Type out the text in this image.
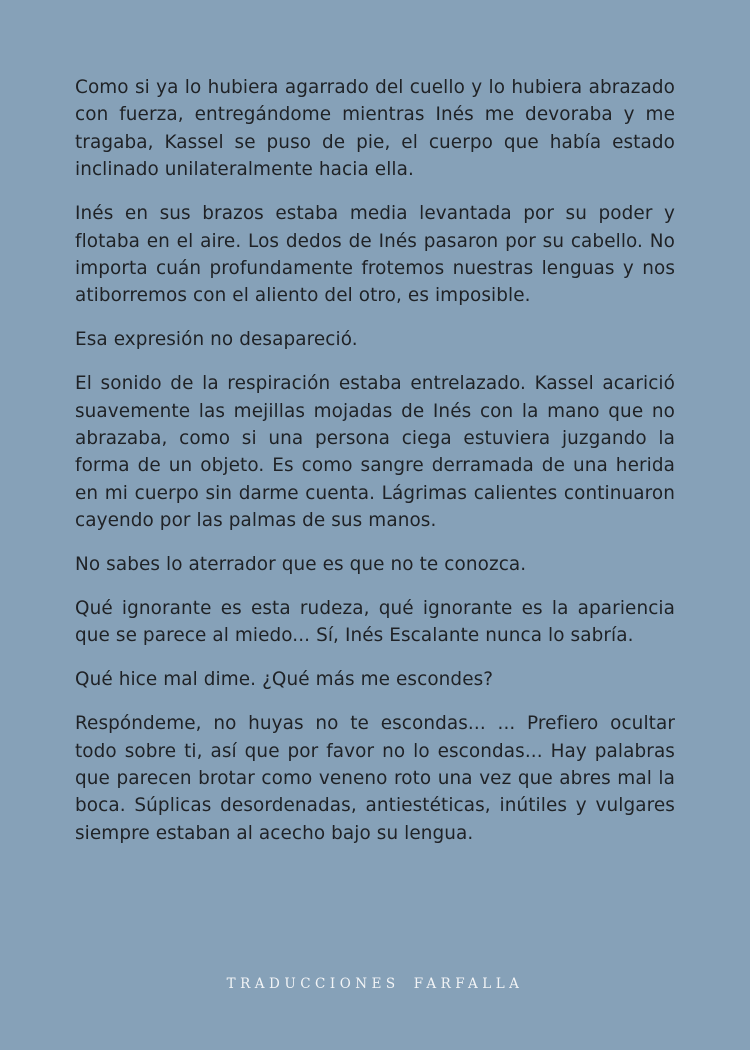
Como si ya lo hubiera agarrado del cuello y lo hubiera abrazado con fuerza, entregándome mientras Inés me devoraba y me tragaba, Kassel se puso de pie, el cuerpo que había estado inclinado unilateralmente hacia ella.

Inés en sus brazos estaba media levantada por su poder y flotaba en el aire. Los dedos de Inés pasaron por su cabello. No importa cuán profundamente frotemos nuestras lenguas y nos atiborremos con el aliento del otro, es imposible.

Esa expresión no desapareció.

El sonido de la respiración estaba entrelazado. Kassel acarició suavemente las mejillas mojadas de Inés con la mano que no abrazaba, como si una persona ciega estuviera juzgando la forma de un objeto. Es como sangre derramada de una herida en mi cuerpo sin darme cuenta. Lágrimas calientes continuaron cayendo por las palmas de sus manos.

No sabes lo aterrador que es que no te conozca.

Qué ignorante es esta rudeza, qué ignorante es la apariencia que se parece al miedo... Sí, Inés Escalante nunca lo sabría.

Qué hice mal dime. ¿Qué más me escondes?

Respóndeme, no huyas no te escondas... ... Prefiero ocultar todo sobre ti, así que por favor no lo escondas... Hay palabras que parecen brotar como veneno roto una vez que abres mal la boca. Súplicas desordenadas, antiestéticas, inútiles y vulgares siempre estaban al acecho bajo su lengua.

TRADUCCIONES FARFALLA
